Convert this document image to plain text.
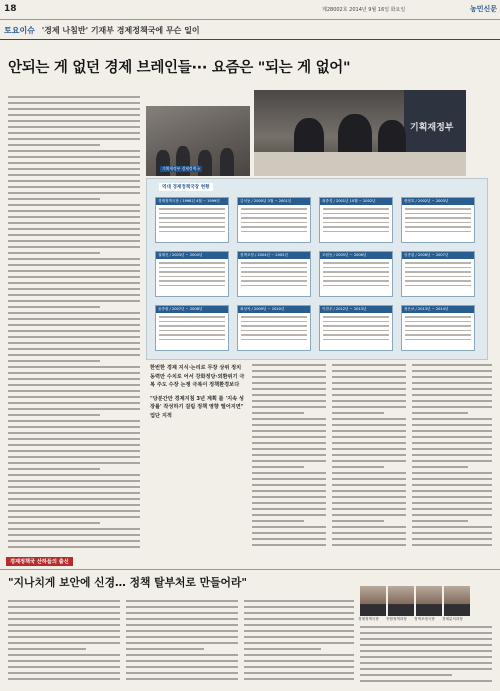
18	제28002호 2014년 9월 16일 화요일	농민신문
토요이슈 '경제 나침반' 기재부 경제정책국에 무슨 일이
안되는 게 없던 경제 브레인들··· 요즘은 "되는 게 없어"
기획재정부 경제정책국
기획재정부
역대 경제정책국장 현황
경제정책국장 / 1998년 4월 ~ 1999년	김석동 / 2000년 3월 ~ 2001년	최중경 / 2001년 10월 ~ 2002년	변양호 / 2002년 ~ 2003년
권태신 / 2003년 ~ 2004년	정책조정 / 2004년 ~ 2005년	조원동 / 2005년 ~ 2006년	임종룡 / 2006년 ~ 2007년
윤종원 / 2007년 ~ 2008년	최상목 / 2009년 ~ 2010년	이찬우 / 2012년 ~ 2013년	정은보 / 2013년 ~ 2014년
한번한 경제 지식·논리로 무장 상위 정치 동력만 수치로 어서 강화정당·외환위기 극복 주도 수장 논쟁 극복이 정책환경보다
"당분간만 경제지침 3년 계획 를 '지속 성장률' 작성하기 걸림 정책 영향 떨어지면" 업단 지적
경제정책국 산하들의 출신
"지나치게 보안에 신경… 정책 탈부처로 만들어라"
경제정책국장 종합정책과장 정책조정국장 경제분석과장
